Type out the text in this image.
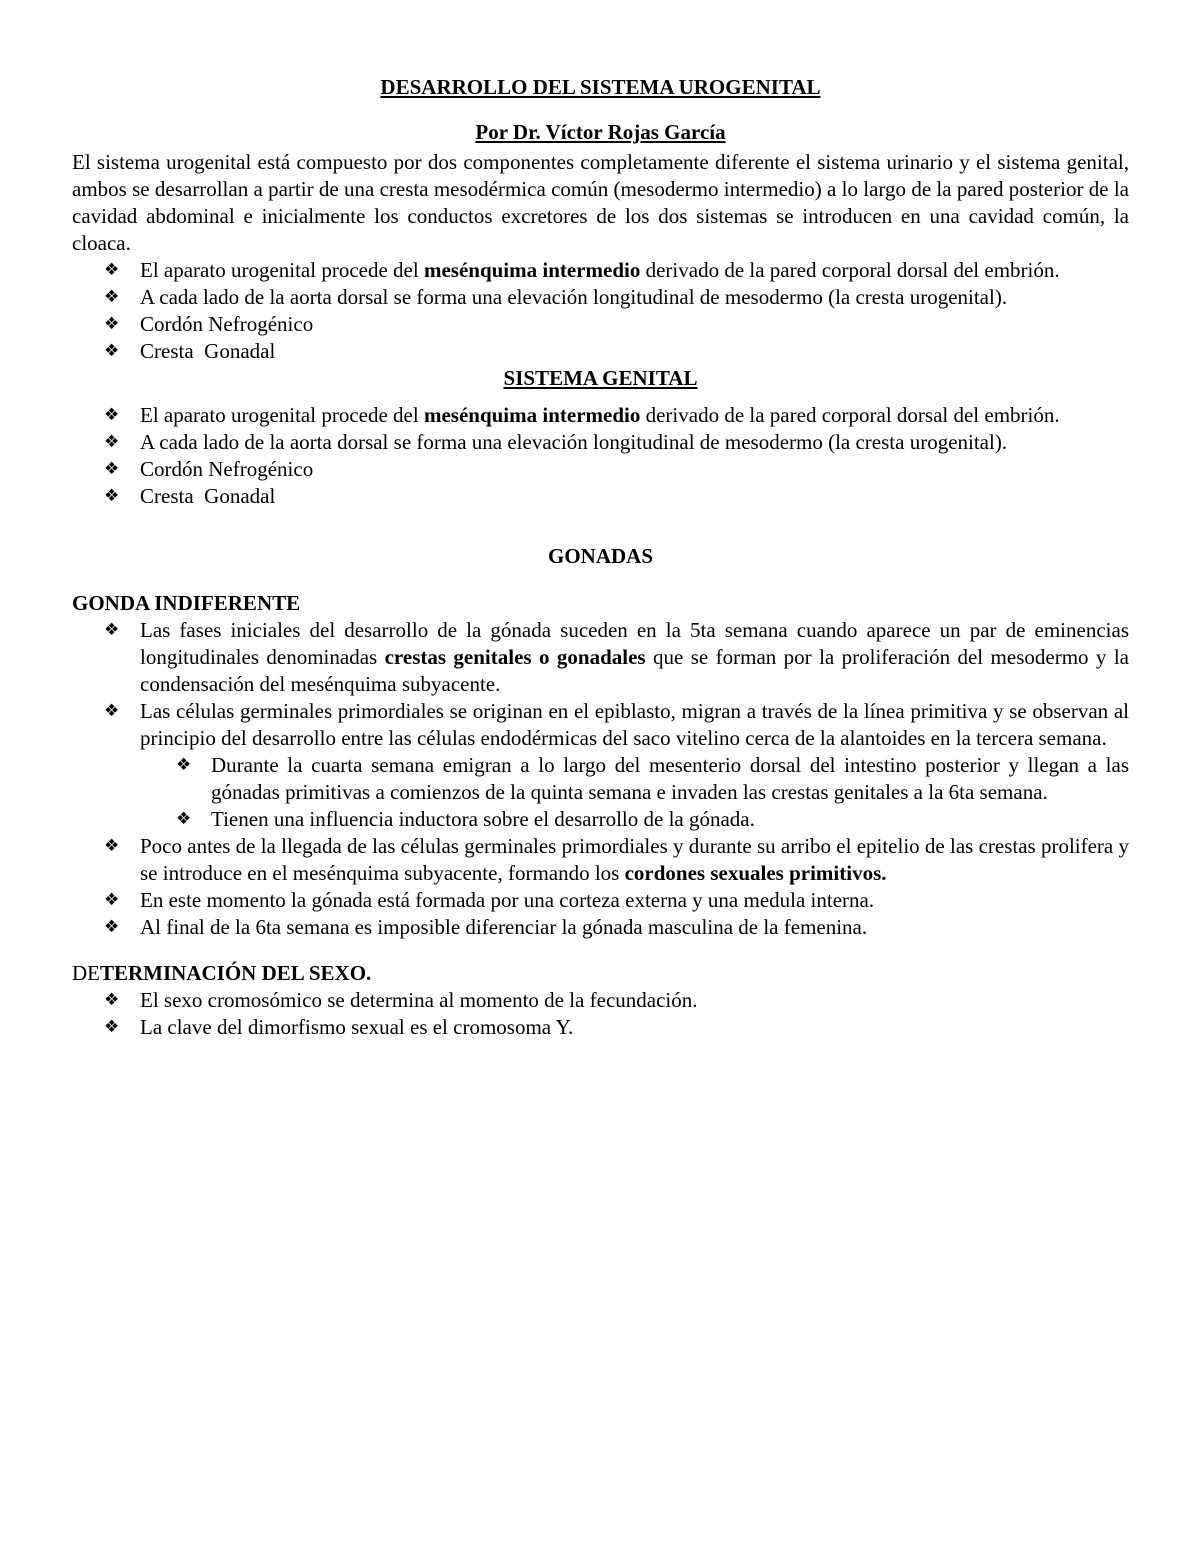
DESARROLLO DEL SISTEMA UROGENITAL
Por Dr. Víctor Rojas García

El sistema urogenital está compuesto por dos componentes completamente diferente el sistema urinario y el sistema genital, ambos se desarrollan a partir de una cresta mesodérmica común (mesodermo intermedio) a lo largo de la pared posterior de la cavidad abdominal e inicialmente los conductos excretores de los dos sistemas se introducen en una cavidad común, la cloaca.

❖ El aparato urogenital procede del mesénquima intermedio derivado de la pared corporal dorsal del embrión.
❖ A cada lado de la aorta dorsal se forma una elevación longitudinal de mesodermo (la cresta urogenital).
❖ Cordón Nefrogénico
❖ Cresta  Gonadal
SISTEMA GENITAL
❖ El aparato urogenital procede del mesénquima intermedio derivado de la pared corporal dorsal del embrión.
❖ A cada lado de la aorta dorsal se forma una elevación longitudinal de mesodermo (la cresta urogenital).
❖ Cordón Nefrogénico
❖ Cresta  Gonadal
GONADAS
GONDA INDIFERENTE
❖ Las fases iniciales del desarrollo de la gónada suceden en la 5ta semana cuando aparece un par de eminencias longitudinales denominadas crestas genitales o gonadales que se forman por la proliferación del mesodermo y la condensación del mesénquima subyacente.
❖ Las células germinales primordiales se originan en el epiblasto, migran a través de la línea primitiva y se observan al principio del desarrollo entre las células endodérmicas del saco vitelino cerca de la alantoides en la tercera semana.
❖ Durante la cuarta semana emigran a lo largo del mesenterio dorsal del intestino posterior y llegan a las gónadas primitivas a comienzos de la quinta semana e invaden las crestas genitales a la 6ta semana.
❖ Tienen una influencia inductora sobre el desarrollo de la gónada.
❖ Poco antes de la llegada de las células germinales primordiales y durante su arribo el epitelio de las crestas prolifera y se introduce en el mesénquima subyacente, formando los cordones sexuales primitivos.
❖ En este momento la gónada está formada por una corteza externa y una medula interna.
❖ Al final de la 6ta semana es imposible diferenciar la gónada masculina de la femenina.
DETERMINACIÓN DEL SEXO.
❖ El sexo cromosómico se determina al momento de la fecundación.
❖ La clave del dimorfismo sexual es el cromosoma Y.
